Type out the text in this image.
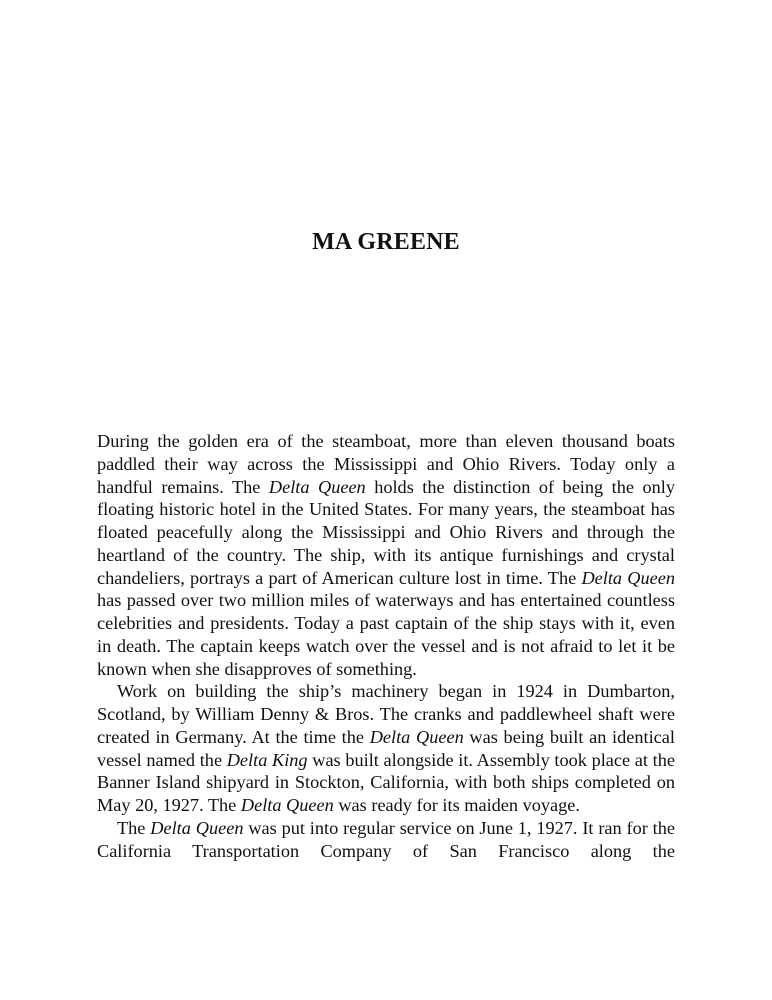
MA GREENE

During the golden era of the steamboat, more than eleven thousand boats paddled their way across the Mississippi and Ohio Rivers. Today only a handful remains. The Delta Queen holds the distinction of being the only floating historic hotel in the United States. For many years, the steamboat has floated peacefully along the Mississippi and Ohio Rivers and through the heartland of the country. The ship, with its antique furnishings and crystal chandeliers, portrays a part of American culture lost in time. The Delta Queen has passed over two million miles of waterways and has entertained countless celebrities and presidents. Today a past captain of the ship stays with it, even in death. The captain keeps watch over the vessel and is not afraid to let it be known when she disapproves of something.

Work on building the ship’s machinery began in 1924 in Dumbarton, Scotland, by William Denny & Bros. The cranks and paddlewheel shaft were created in Germany. At the time the Delta Queen was being built an identical vessel named the Delta King was built alongside it. Assembly took place at the Banner Island shipyard in Stockton, California, with both ships completed on May 20, 1927. The Delta Queen was ready for its maiden voyage.

The Delta Queen was put into regular service on June 1, 1927. It ran for the California Transportation Company of San Francisco along the
